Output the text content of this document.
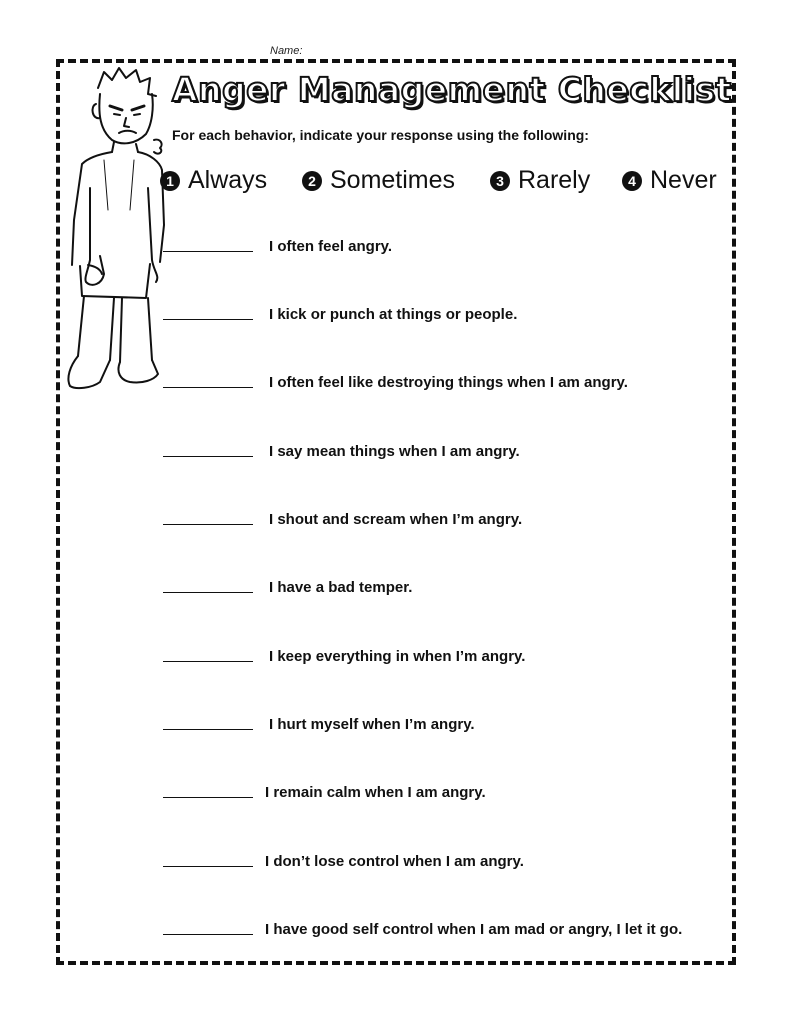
Name:
Anger Management Checklist
For each behavior, indicate your response using the following:
1 Always	2 Sometimes	3 Rarely	4 Never
I often feel angry.
I kick or punch at things or people.
I often feel like destroying things when I am angry.
I say mean things when I am angry.
I shout and scream when I’m angry.
I have a bad temper.
I keep everything in when I’m angry.
I hurt myself when I’m angry.
I remain calm when I am angry.
I don’t lose control when I am angry.
I have good self control when I am mad or angry, I let it go.
